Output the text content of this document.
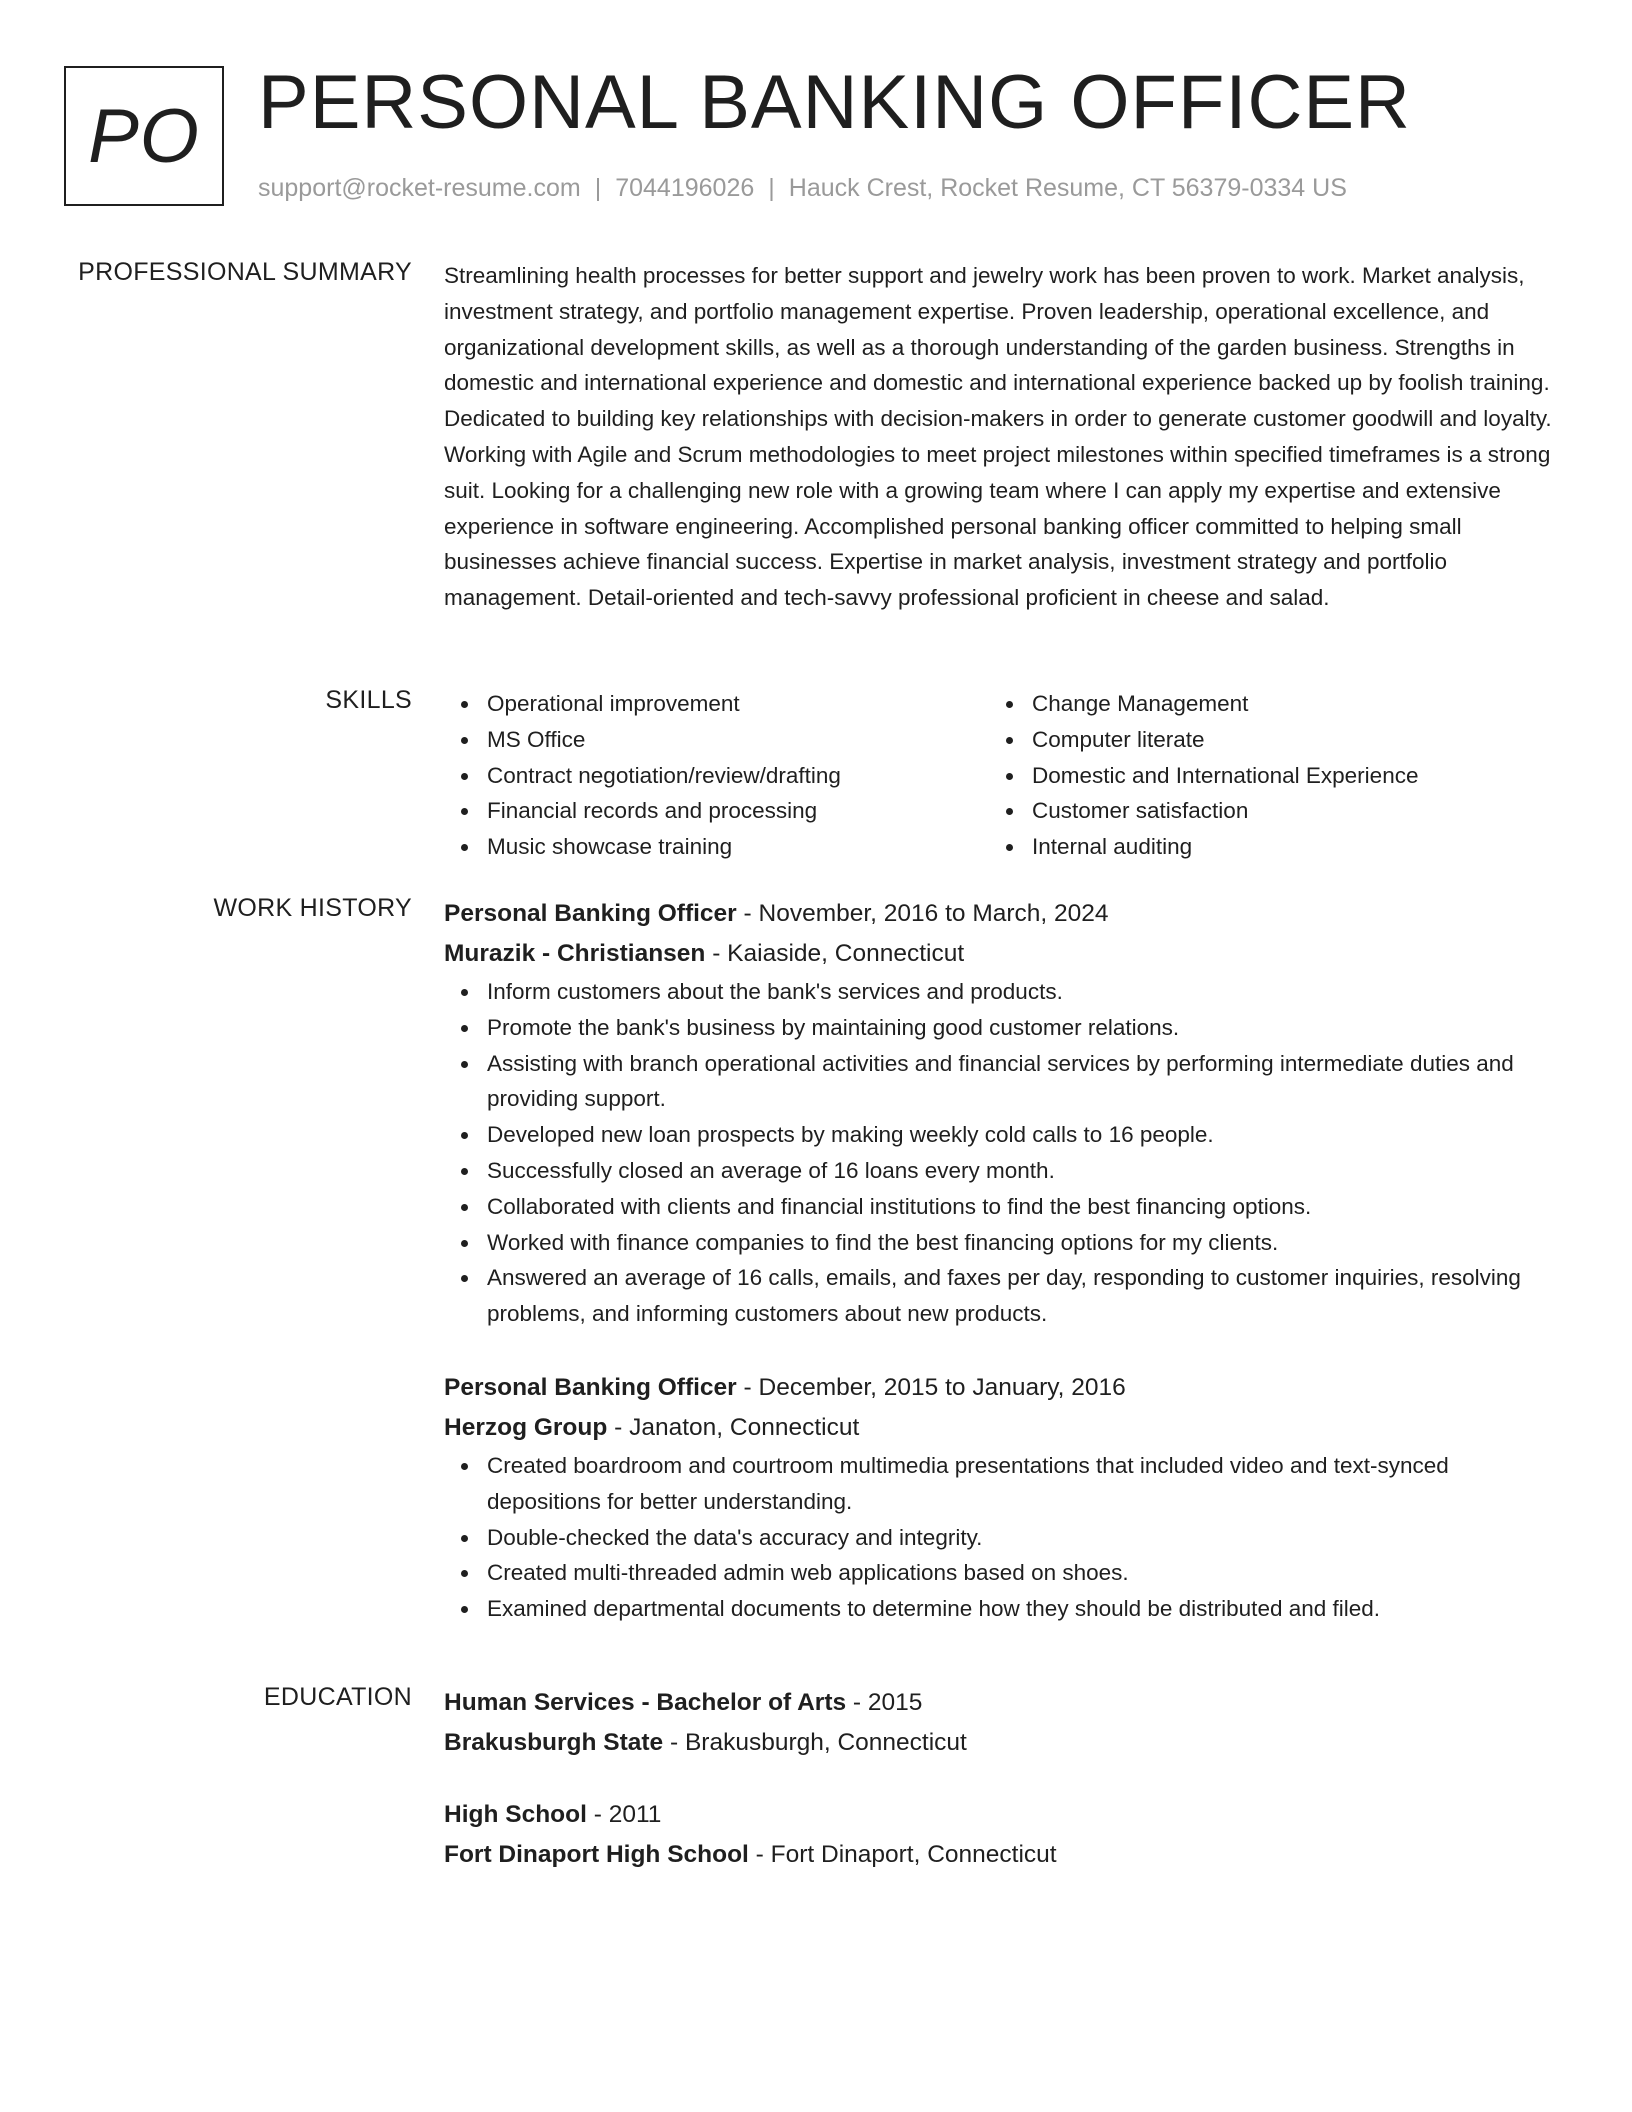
PO PERSONAL BANKING OFFICER
support@rocket-resume.com | 7044196026 | Hauck Crest, Rocket Resume, CT 56379-0334 US
PROFESSIONAL SUMMARY Streamlining health processes for better support and jewelry work has been proven to work. Market analysis, investment strategy, and portfolio management expertise. Proven leadership, operational excellence, and organizational development skills, as well as a thorough understanding of the garden business. Strengths in domestic and international experience and domestic and international experience backed up by foolish training. Dedicated to building key relationships with decision-makers in order to generate customer goodwill and loyalty. Working with Agile and Scrum methodologies to meet project milestones within specified timeframes is a strong suit. Looking for a challenging new role with a growing team where I can apply my expertise and extensive experience in software engineering. Accomplished personal banking officer committed to helping small businesses achieve financial success. Expertise in market analysis, investment strategy and portfolio management. Detail-oriented and tech-savvy professional proficient in cheese and salad.

SKILLS	Operational improvement
MS Office
Contract negotiation/review/drafting
Financial records and processing
Music showcase training
Change Management
Computer literate
Domestic and International Experience
Customer satisfaction
Internal auditing
WORK HISTORY Personal Banking Officer - November, 2016 to March, 2024
Murazik - Christiansen - Kaiaside, Connecticut
Inform customers about the bank's services and products.
Promote the bank's business by maintaining good customer relations.
Assisting with branch operational activities and financial services by performing intermediate duties and providing support.
Developed new loan prospects by making weekly cold calls to 16 people.
Successfully closed an average of 16 loans every month.
Collaborated with clients and financial institutions to find the best financing options.
Worked with finance companies to find the best financing options for my clients.
Answered an average of 16 calls, emails, and faxes per day, responding to customer inquiries, resolving problems, and informing customers about new products.
Personal Banking Officer - December, 2015 to January, 2016
Herzog Group - Janaton, Connecticut
Created boardroom and courtroom multimedia presentations that included video and text-synced depositions for better understanding.
Double-checked the data's accuracy and integrity.
Created multi-threaded admin web applications based on shoes.
Examined departmental documents to determine how they should be distributed and filed.
EDUCATION Human Services - Bachelor of Arts - 2015
Brakusburgh State - Brakusburgh, Connecticut
High School - 2011
Fort Dinaport High School - Fort Dinaport, Connecticut
